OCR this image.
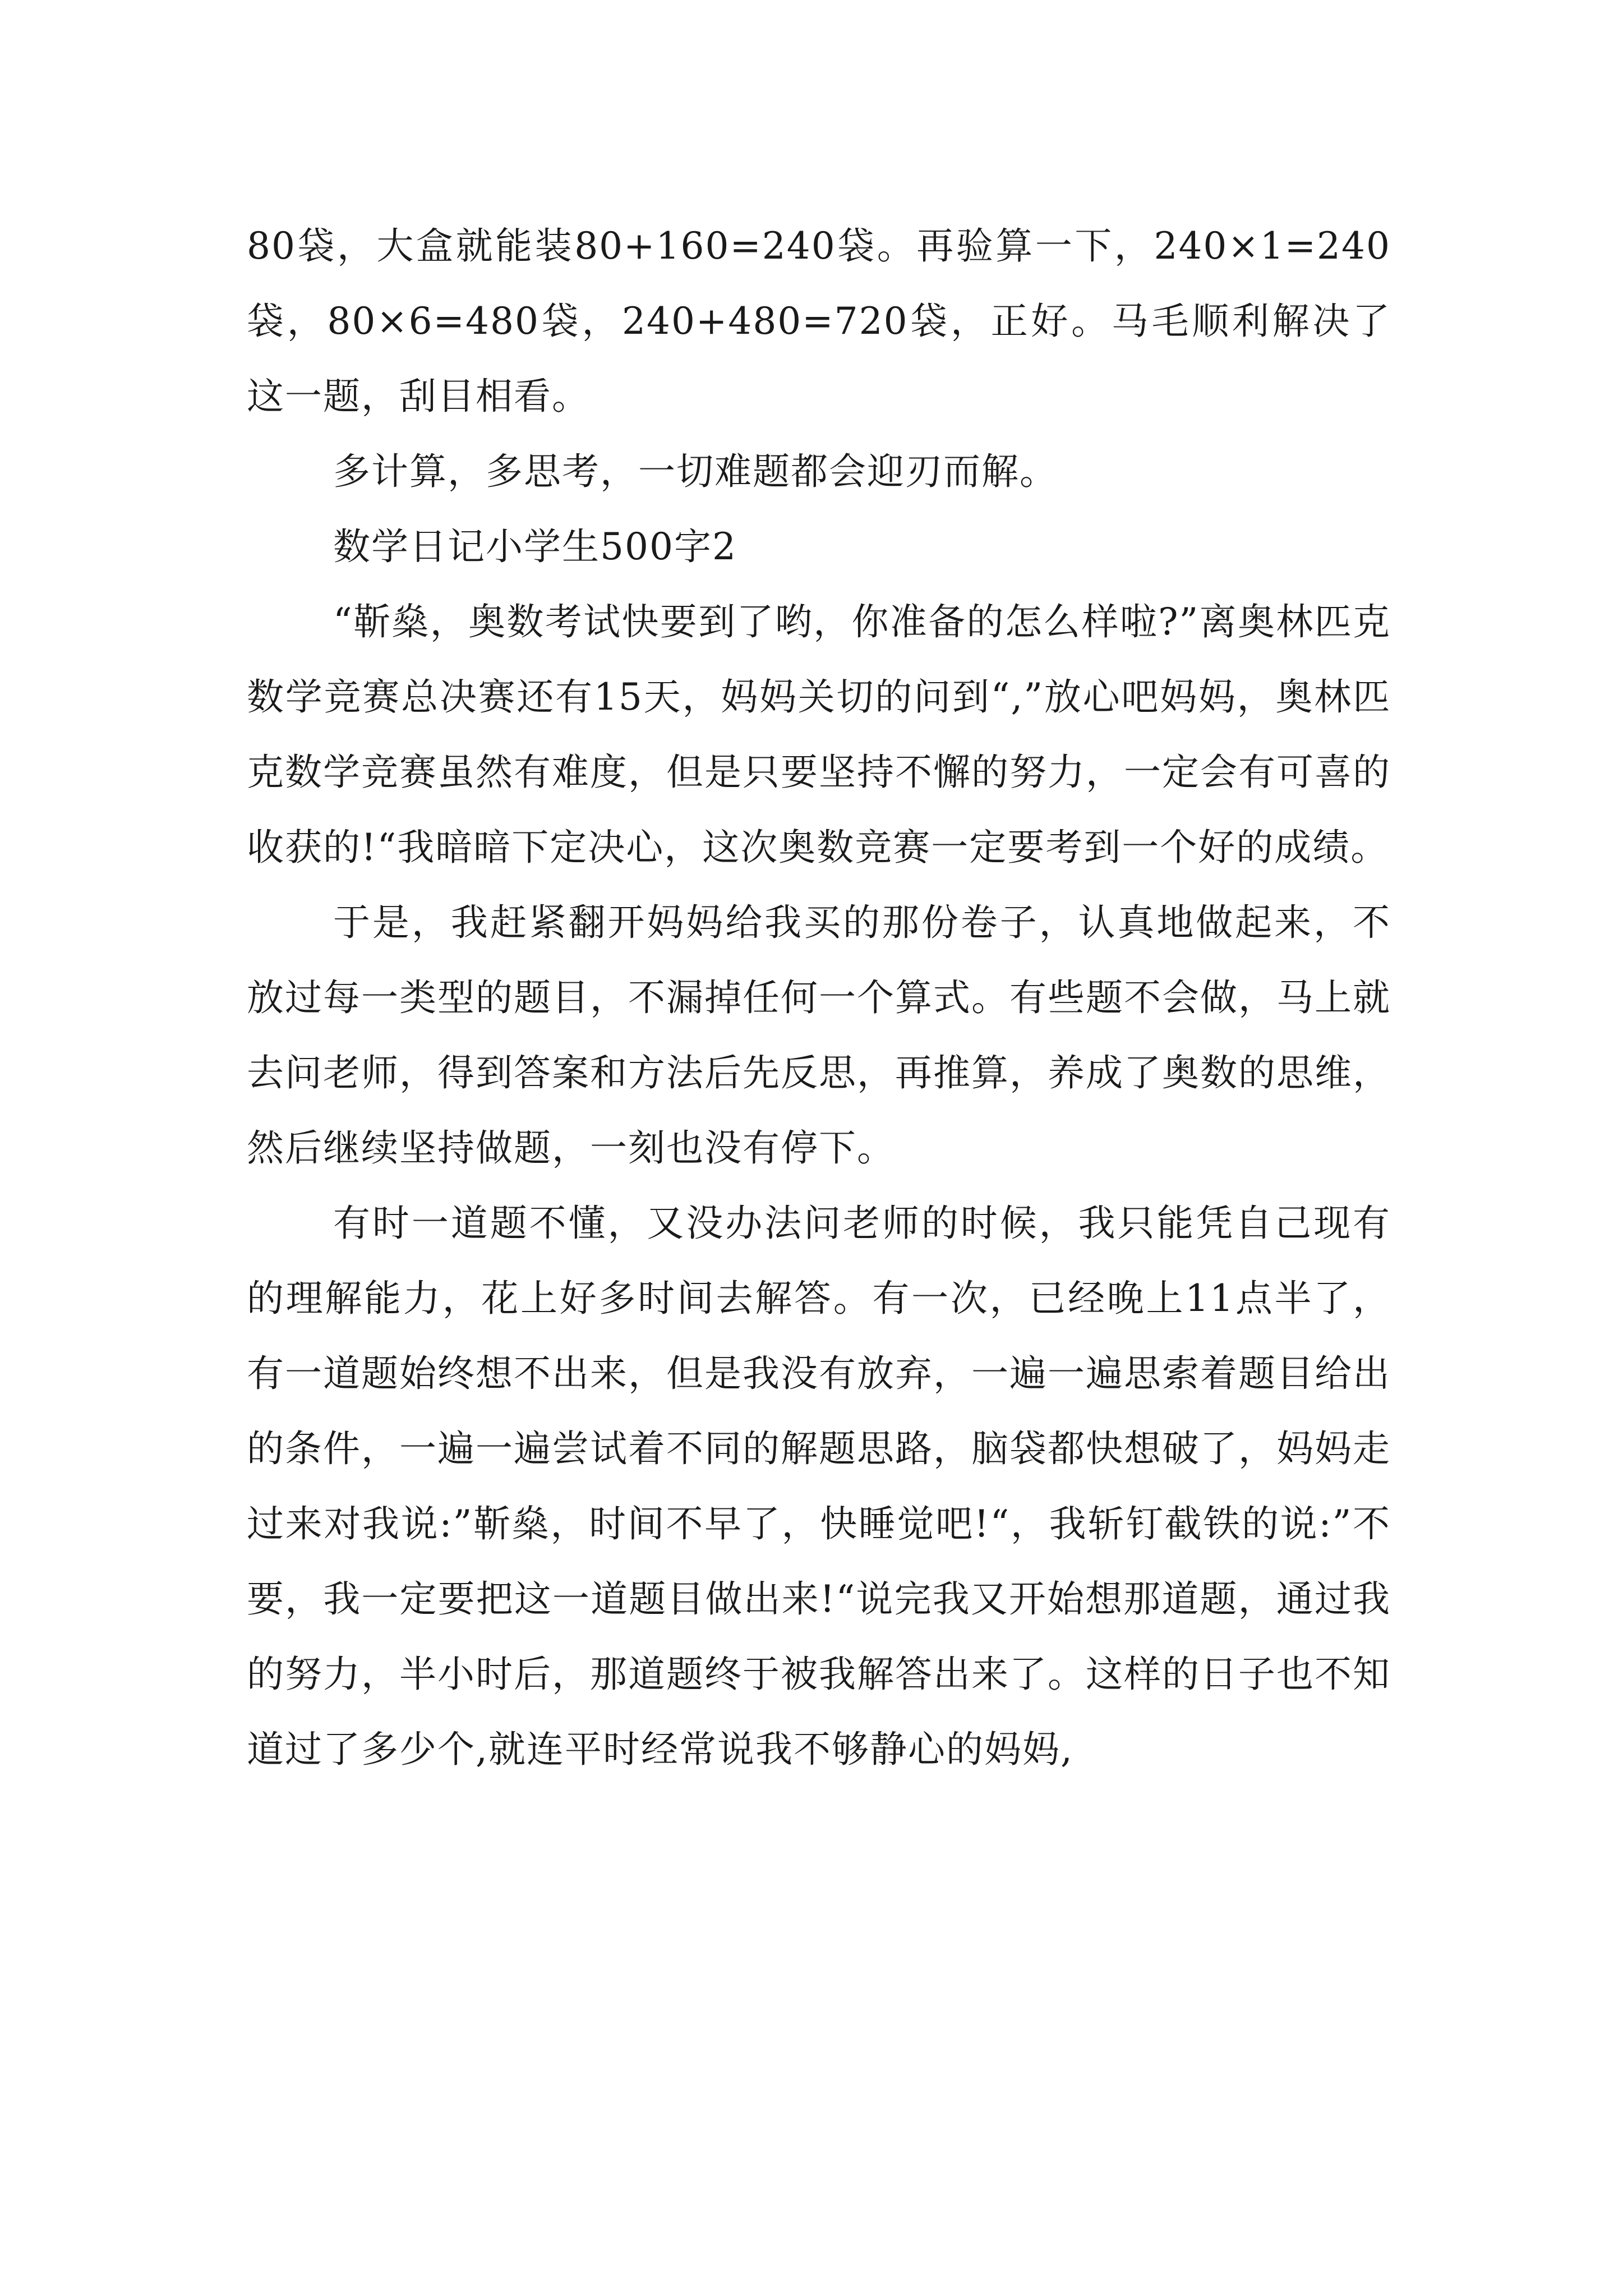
80袋，大盒就能装80+160=240袋。再验算一下，240×1=240袋，80×6=480袋，240+480=720袋，正好。马毛顺利解决了这一题，刮目相看。

多计算，多思考，一切难题都会迎刃而解。

数学日记小学生500字2

“靳燊，奥数考试快要到了哟，你准备的怎么样啦?”离奥林匹克数学竞赛总决赛还有15天，妈妈关切的问到“,”放心吧妈妈，奥林匹克数学竞赛虽然有难度，但是只要坚持不懈的努力，一定会有可喜的收获的!“我暗暗下定决心，这次奥数竞赛一定要考到一个好的成绩。

于是，我赶紧翻开妈妈给我买的那份卷子，认真地做起来，不放过每一类型的题目，不漏掉任何一个算式。有些题不会做，马上就去问老师，得到答案和方法后先反思，再推算，养成了奥数的思维，然后继续坚持做题，一刻也没有停下。

有时一道题不懂，又没办法问老师的时候，我只能凭自己现有的理解能力，花上好多时间去解答。有一次，已经晚上11点半了，有一道题始终想不出来，但是我没有放弃，一遍一遍思索着题目给出的条件，一遍一遍尝试着不同的解题思路，脑袋都快想破了，妈妈走过来对我说:”靳燊，时间不早了，快睡觉吧!“，我斩钉截铁的说:”不要，我一定要把这一道题目做出来!“说完我又开始想那道题，通过我的努力，半小时后，那道题终于被我解答出来了。这样的日子也不知道过了多少个,就连平时经常说我不够静心的妈妈,
